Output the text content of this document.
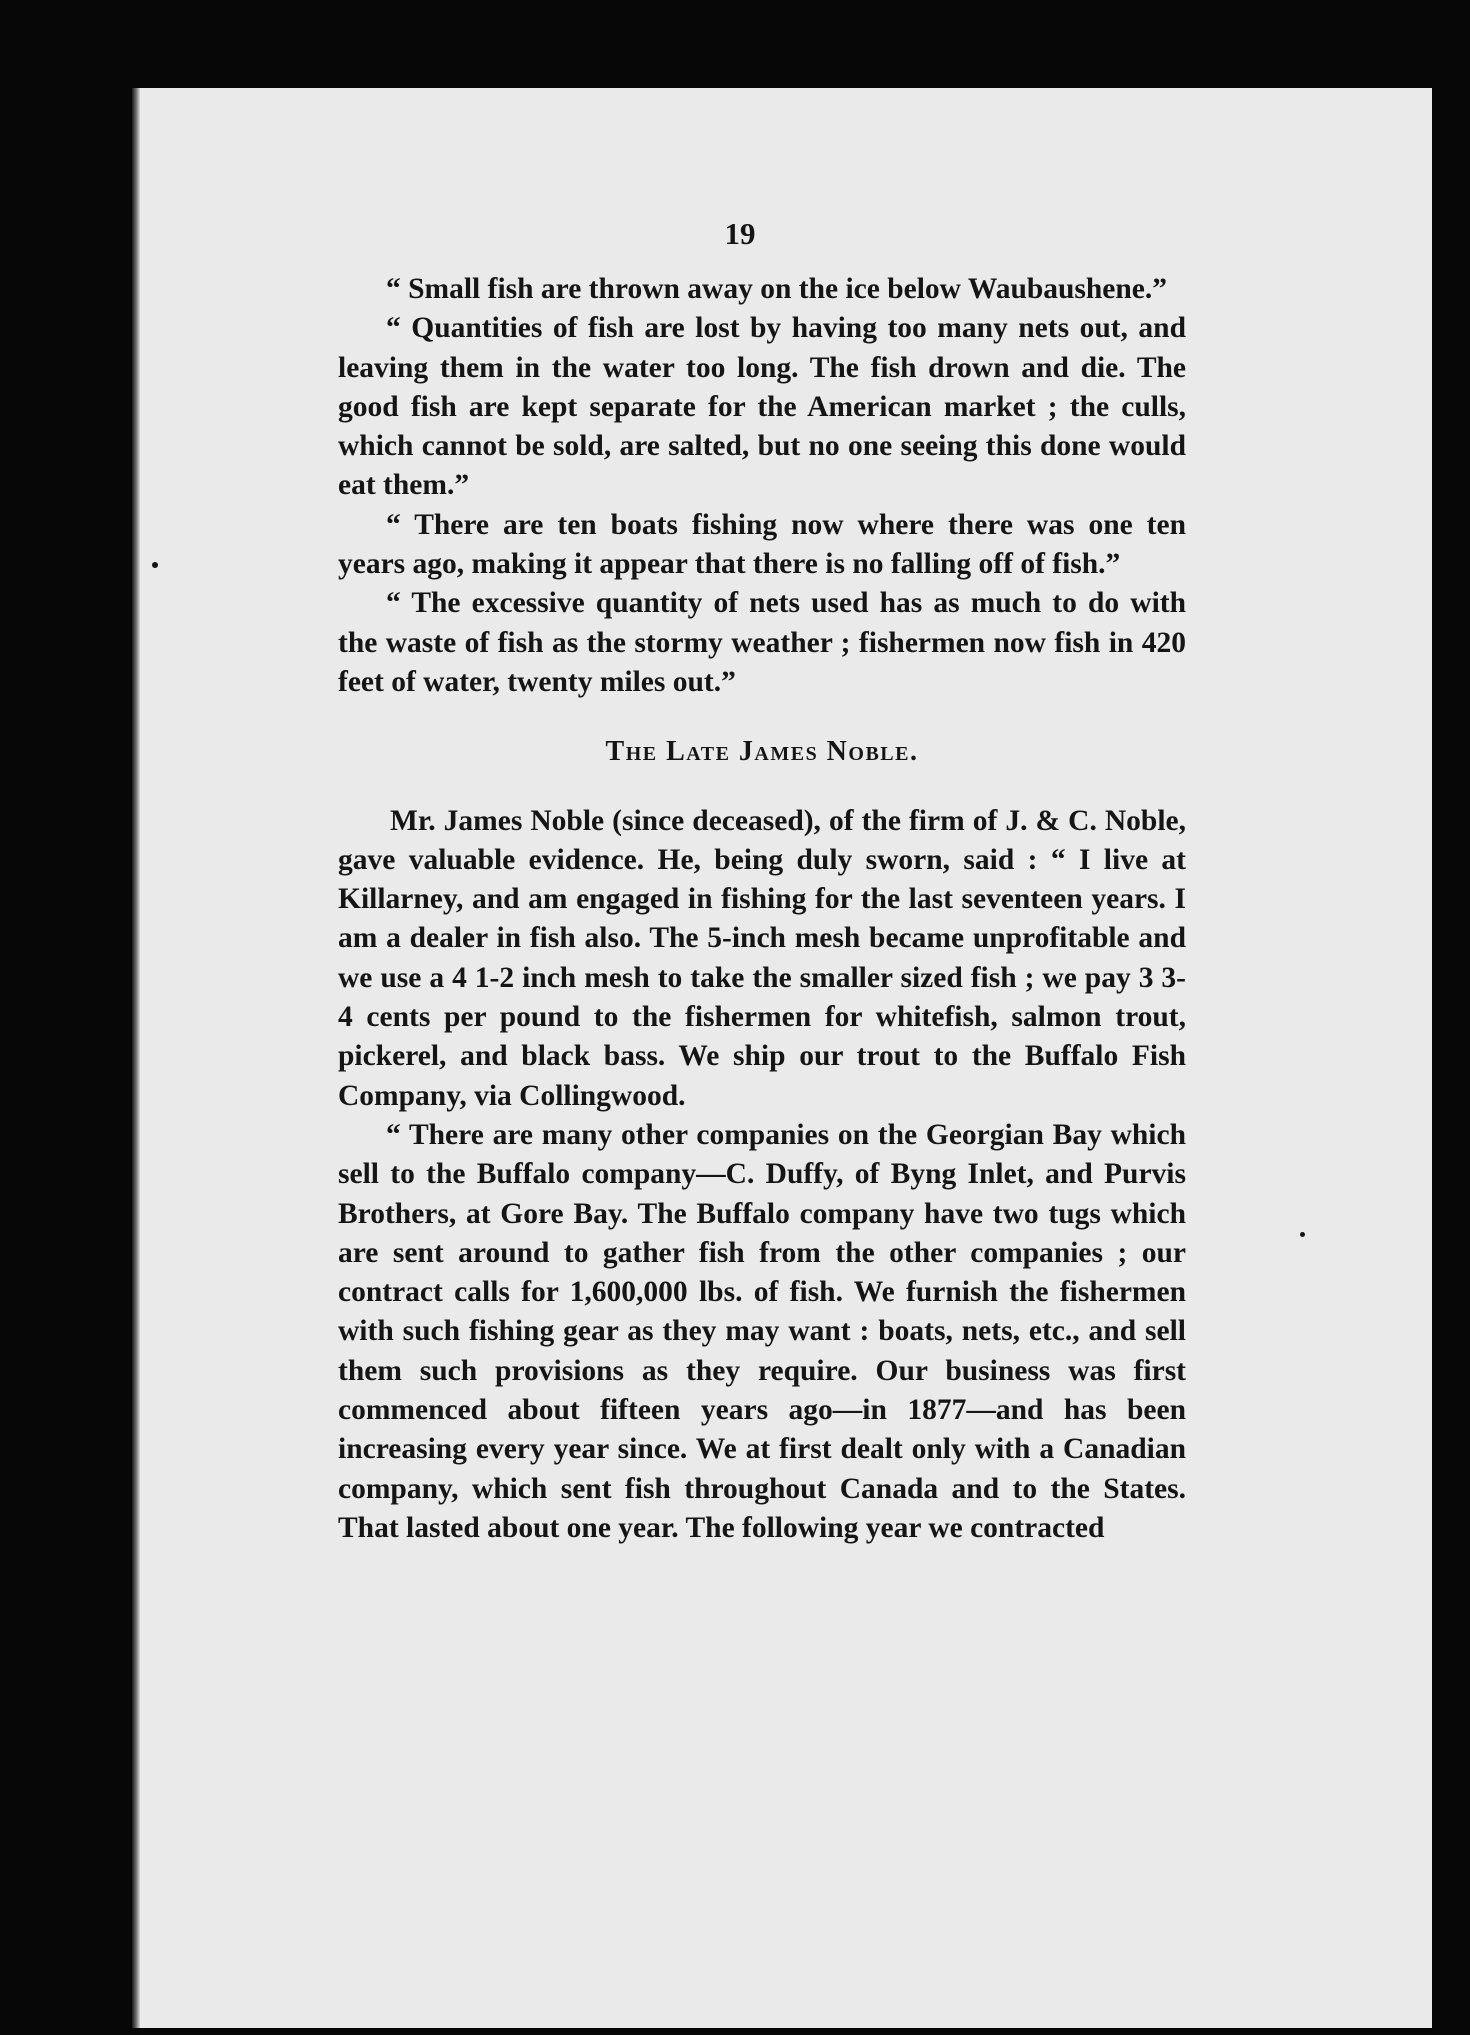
19

“ Small fish are thrown away on the ice below Waubaushene.”

“ Quantities of fish are lost by having too many nets out, and leaving them in the water too long. The fish drown and die. The good fish are kept separate for the American market ; the culls, which cannot be sold, are salted, but no one seeing this done would eat them.”

“ There are ten boats fishing now where there was one ten years ago, making it appear that there is no falling off of fish.”

“ The excessive quantity of nets used has as much to do with the waste of fish as the stormy weather ; fishermen now fish in 420 feet of water, twenty miles out.”

The Late James Noble.

Mr. James Noble (since deceased), of the firm of J. & C. Noble, gave valuable evidence. He, being duly sworn, said : “ I live at Killarney, and am engaged in fishing for the last seventeen years. I am a dealer in fish also. The 5-inch mesh became unprofitable and we use a 4 1-2 inch mesh to take the smaller sized fish ; we pay 3 3-4 cents per pound to the fishermen for whitefish, salmon trout, pickerel, and black bass. We ship our trout to the Buffalo Fish Company, via Collingwood.

“ There are many other companies on the Georgian Bay which sell to the Buffalo company—C. Duffy, of Byng Inlet, and Purvis Brothers, at Gore Bay. The Buffalo company have two tugs which are sent around to gather fish from the other companies ; our contract calls for 1,600,000 lbs. of fish. We furnish the fishermen with such fishing gear as they may want : boats, nets, etc., and sell them such provisions as they require. Our business was first commenced about fifteen years ago—in 1877—and has been increasing every year since. We at first dealt only with a Canadian company, which sent fish throughout Canada and to the States. That lasted about one year. The following year we contracted
